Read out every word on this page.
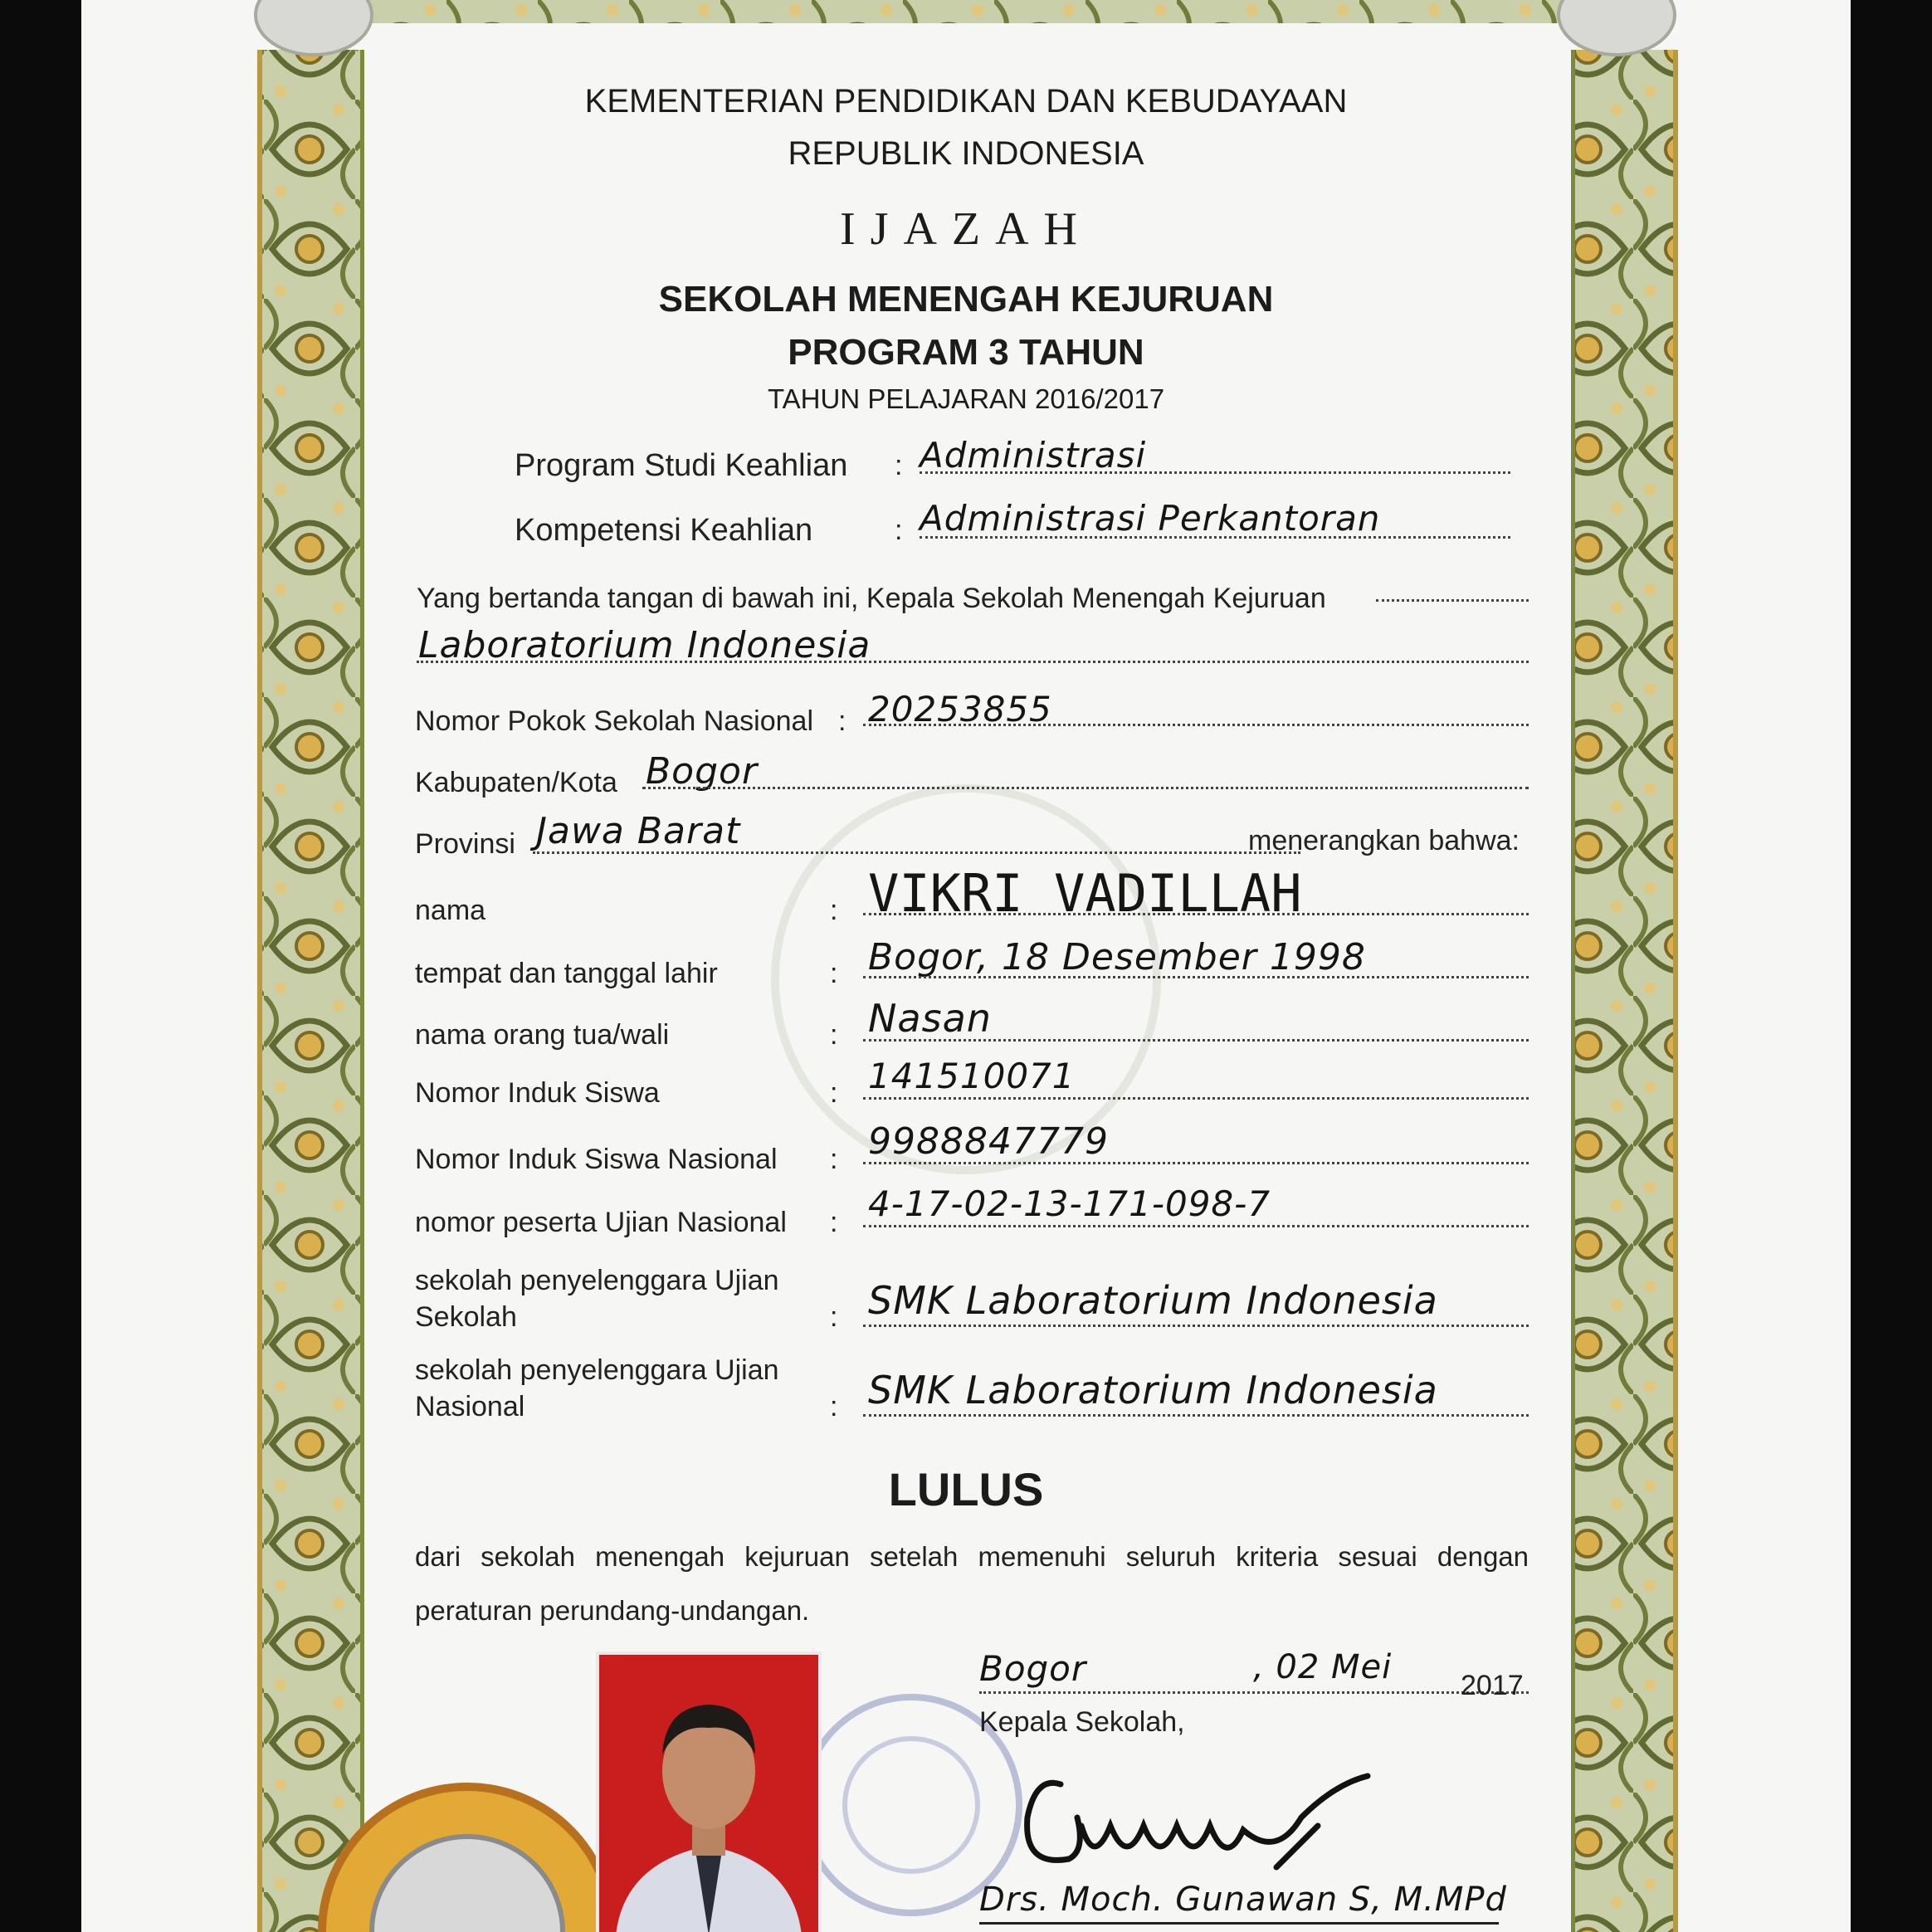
KEMENTERIAN PENDIDIKAN DAN KEBUDAYAAN
REPUBLIK INDONESIA
IJAZAH
SEKOLAH MENENGAH KEJURUAN
PROGRAM 3 TAHUN
TAHUN PELAJARAN 2016/2017
Program Studi Keahlian : Administrasi
Kompetensi Keahlian	: Administrasi Perkantoran
Yang bertanda tangan di bawah ini, Kepala Sekolah Menengah Kejuruan
Laboratorium Indonesia
Nomor Pokok Sekolah Nasional : 20253855
Kabupaten/Kota Bogor
Provinsi Jawa Barat	menerangkan bahwa:
nama	: VIKRI VADILLAH
tempat dan tanggal lahir	: Bogor, 18 Desember 1998
nama orang tua/wali	: Nasan
Nomor Induk Siswa	: 141510071
Nomor Induk Siswa Nasional : 9988847779
nomor peserta Ujian Nasional : 4-17-02-13-171-098-7
sekolah penyelenggara Ujian
Sekolah	: SMK Laboratorium Indonesia
sekolah penyelenggara Ujian
Nasional	: SMK Laboratorium Indonesia
LULUS
dari sekolah menengah kejuruan setelah memenuhi seluruh kriteria sesuai dengan
peraturan perundang-undangan.
Bogor	, 02 Mei 2017
Kepala Sekolah,
Drs. Moch. Gunawan S, M.MPd
